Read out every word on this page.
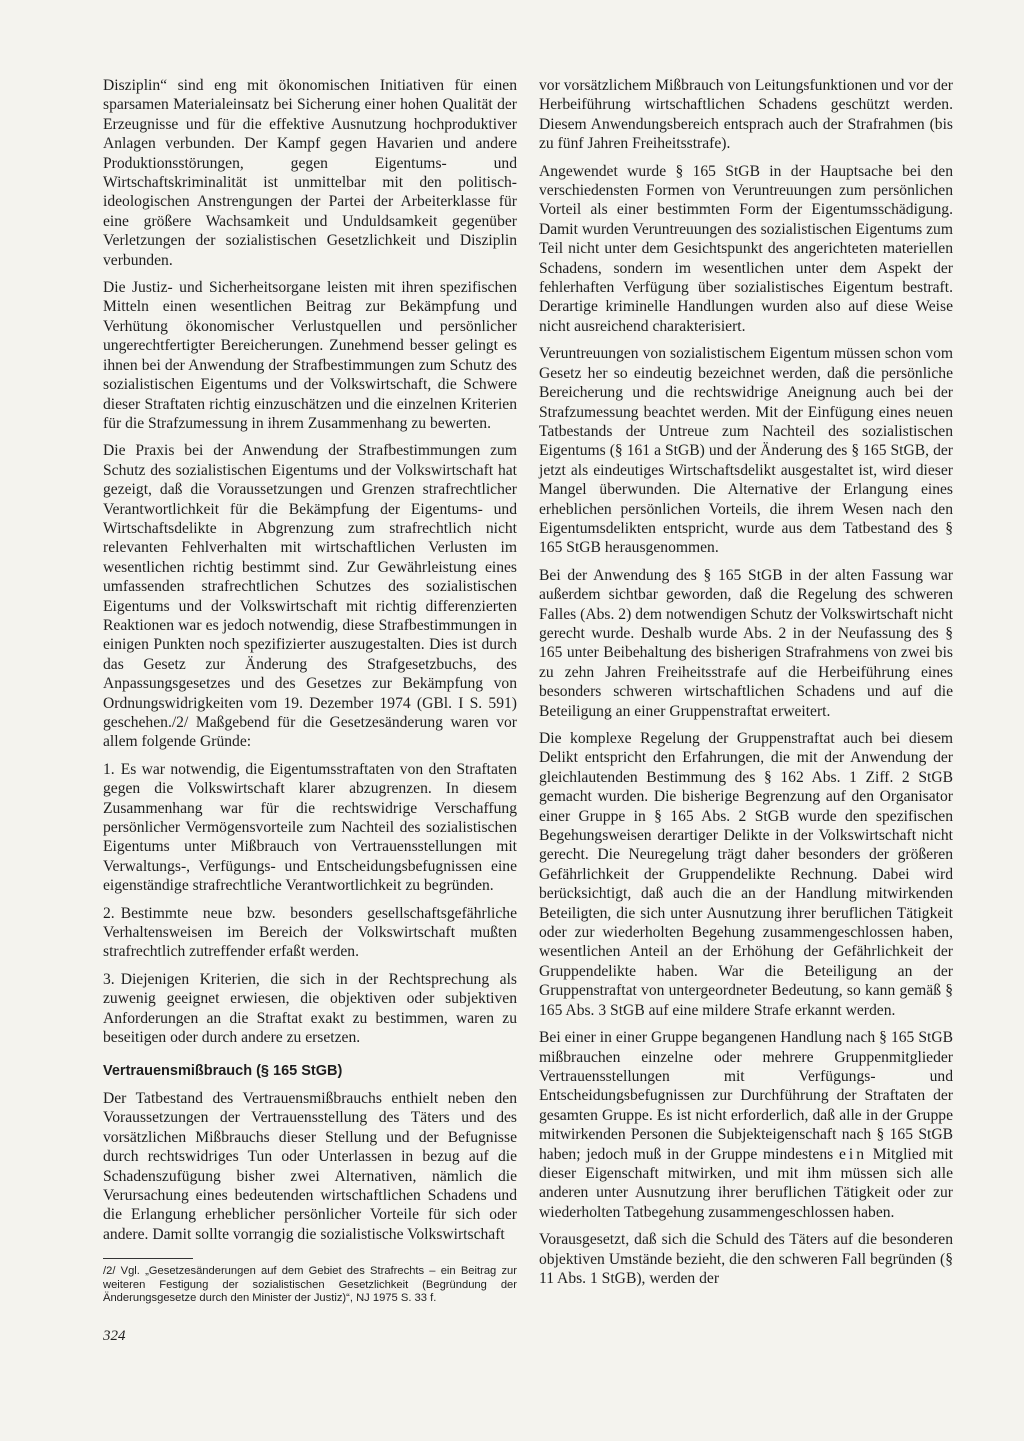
Disziplin“ sind eng mit ökonomischen Initiativen für einen sparsamen Materialeinsatz bei Sicherung einer hohen Qualität der Erzeugnisse und für die effektive Ausnutzung hochproduktiver Anlagen verbunden. Der Kampf gegen Havarien und andere Produktionsstörungen, gegen Eigentums- und Wirtschaftskriminalität ist unmittelbar mit den politisch-ideologischen Anstrengungen der Partei der Arbeiterklasse für eine größere Wachsamkeit und Unduldsamkeit gegenüber Verletzungen der sozialistischen Gesetzlichkeit und Disziplin verbunden.

Die Justiz- und Sicherheitsorgane leisten mit ihren spezifischen Mitteln einen wesentlichen Beitrag zur Bekämpfung und Verhütung ökonomischer Verlustquellen und persönlicher ungerechtfertigter Bereicherungen. Zunehmend besser gelingt es ihnen bei der Anwendung der Strafbestimmungen zum Schutz des sozialistischen Eigentums und der Volkswirtschaft, die Schwere dieser Straftaten richtig einzuschätzen und die einzelnen Kriterien für die Strafzumessung in ihrem Zusammenhang zu bewerten.

Die Praxis bei der Anwendung der Strafbestimmungen zum Schutz des sozialistischen Eigentums und der Volkswirtschaft hat gezeigt, daß die Voraussetzungen und Grenzen strafrechtlicher Verantwortlichkeit für die Bekämpfung der Eigentums- und Wirtschaftsdelikte in Abgrenzung zum strafrechtlich nicht relevanten Fehlverhalten mit wirtschaftlichen Verlusten im wesentlichen richtig bestimmt sind. Zur Gewährleistung eines umfassenden strafrechtlichen Schutzes des sozialistischen Eigentums und der Volkswirtschaft mit richtig differenzierten Reaktionen war es jedoch notwendig, diese Strafbestimmungen in einigen Punkten noch spezifizierter auszugestalten. Dies ist durch das Gesetz zur Änderung des Strafgesetzbuchs, des Anpassungsgesetzes und des Gesetzes zur Bekämpfung von Ordnungswidrigkeiten vom 19. Dezember 1974 (GBl. I S. 591) geschehen./2/ Maßgebend für die Gesetzesänderung waren vor allem folgende Gründe:

1. Es war notwendig, die Eigentumsstraftaten von den Straftaten gegen die Volkswirtschaft klarer abzugrenzen. In diesem Zusammenhang war für die rechtswidrige Verschaffung persönlicher Vermögensvorteile zum Nachteil des sozialistischen Eigentums unter Mißbrauch von Vertrauensstellungen mit Verwaltungs-, Verfügungs- und Entscheidungsbefugnissen eine eigenständige strafrechtliche Verantwortlichkeit zu begründen.
2. Bestimmte neue bzw. besonders gesellschaftsgefährliche Verhaltensweisen im Bereich der Volkswirtschaft mußten strafrechtlich zutreffender erfaßt werden.
3. Diejenigen Kriterien, die sich in der Rechtsprechung als zuwenig geeignet erwiesen, die objektiven oder subjektiven Anforderungen an die Straftat exakt zu bestimmen, waren zu beseitigen oder durch andere zu ersetzen.
Vertrauensmißbrauch (§ 165 StGB)

Der Tatbestand des Vertrauensmißbrauchs enthielt neben den Voraussetzungen der Vertrauensstellung des Täters und des vorsätzlichen Mißbrauchs dieser Stellung und der Befugnisse durch rechtswidriges Tun oder Unterlassen in bezug auf die Schadenszufügung bisher zwei Alternativen, nämlich die Verursachung eines bedeutenden wirtschaftlichen Schadens und die Erlangung erheblicher persönlicher Vorteile für sich oder andere. Damit sollte vorrangig die sozialistische Volkswirtschaft

/2/ Vgl. „Gesetzesänderungen auf dem Gebiet des Strafrechts – ein Beitrag zur weiteren Festigung der sozialistischen Gesetzlichkeit (Begründung der Änderungsgesetze durch den Minister der Justiz)“, NJ 1975 S. 33 f.

vor vorsätzlichem Mißbrauch von Leitungsfunktionen und vor der Herbeiführung wirtschaftlichen Schadens geschützt werden. Diesem Anwendungsbereich entsprach auch der Strafrahmen (bis zu fünf Jahren Freiheitsstrafe).

Angewendet wurde § 165 StGB in der Hauptsache bei den verschiedensten Formen von Veruntreuungen zum persönlichen Vorteil als einer bestimmten Form der Eigentumsschädigung. Damit wurden Veruntreuungen des sozialistischen Eigentums zum Teil nicht unter dem Gesichtspunkt des angerichteten materiellen Schadens, sondern im wesentlichen unter dem Aspekt der fehlerhaften Verfügung über sozialistisches Eigentum bestraft. Derartige kriminelle Handlungen wurden also auf diese Weise nicht ausreichend charakterisiert.

Veruntreuungen von sozialistischem Eigentum müssen schon vom Gesetz her so eindeutig bezeichnet werden, daß die persönliche Bereicherung und die rechtswidrige Aneignung auch bei der Strafzumessung beachtet werden. Mit der Einfügung eines neuen Tatbestands der Untreue zum Nachteil des sozialistischen Eigentums (§ 161 a StGB) und der Änderung des § 165 StGB, der jetzt als eindeutiges Wirtschaftsdelikt ausgestaltet ist, wird dieser Mangel überwunden. Die Alternative der Erlangung eines erheblichen persönlichen Vorteils, die ihrem Wesen nach den Eigentumsdelikten entspricht, wurde aus dem Tatbestand des § 165 StGB herausgenommen.

Bei der Anwendung des § 165 StGB in der alten Fassung war außerdem sichtbar geworden, daß die Regelung des schweren Falles (Abs. 2) dem notwendigen Schutz der Volkswirtschaft nicht gerecht wurde. Deshalb wurde Abs. 2 in der Neufassung des § 165 unter Beibehaltung des bisherigen Strafrahmens von zwei bis zu zehn Jahren Freiheitsstrafe auf die Herbeiführung eines besonders schweren wirtschaftlichen Schadens und auf die Beteiligung an einer Gruppenstraftat erweitert.

Die komplexe Regelung der Gruppenstraftat auch bei diesem Delikt entspricht den Erfahrungen, die mit der Anwendung der gleichlautenden Bestimmung des § 162 Abs. 1 Ziff. 2 StGB gemacht wurden. Die bisherige Begrenzung auf den Organisator einer Gruppe in § 165 Abs. 2 StGB wurde den spezifischen Begehungsweisen derartiger Delikte in der Volkswirtschaft nicht gerecht. Die Neuregelung trägt daher besonders der größeren Gefährlichkeit der Gruppendelikte Rechnung. Dabei wird berücksichtigt, daß auch die an der Handlung mitwirkenden Beteiligten, die sich unter Ausnutzung ihrer beruflichen Tätigkeit oder zur wiederholten Begehung zusammengeschlossen haben, wesentlichen Anteil an der Erhöhung der Gefährlichkeit der Gruppendelikte haben. War die Beteiligung an der Gruppenstraftat von untergeordneter Bedeutung, so kann gemäß § 165 Abs. 3 StGB auf eine mildere Strafe erkannt werden.

Bei einer in einer Gruppe begangenen Handlung nach § 165 StGB mißbrauchen einzelne oder mehrere Gruppenmitglieder Vertrauensstellungen mit Verfügungs- und Entscheidungsbefugnissen zur Durchführung der Straftaten der gesamten Gruppe. Es ist nicht erforderlich, daß alle in der Gruppe mitwirkenden Personen die Subjekteigenschaft nach § 165 StGB haben; jedoch muß in der Gruppe mindestens ein Mitglied mit dieser Eigenschaft mitwirken, und mit ihm müssen sich alle anderen unter Ausnutzung ihrer beruflichen Tätigkeit oder zur wiederholten Tatbegehung zusammengeschlossen haben.

Vorausgesetzt, daß sich die Schuld des Täters auf die besonderen objektiven Umstände bezieht, die den schweren Fall begründen (§ 11 Abs. 1 StGB), werden der

324
